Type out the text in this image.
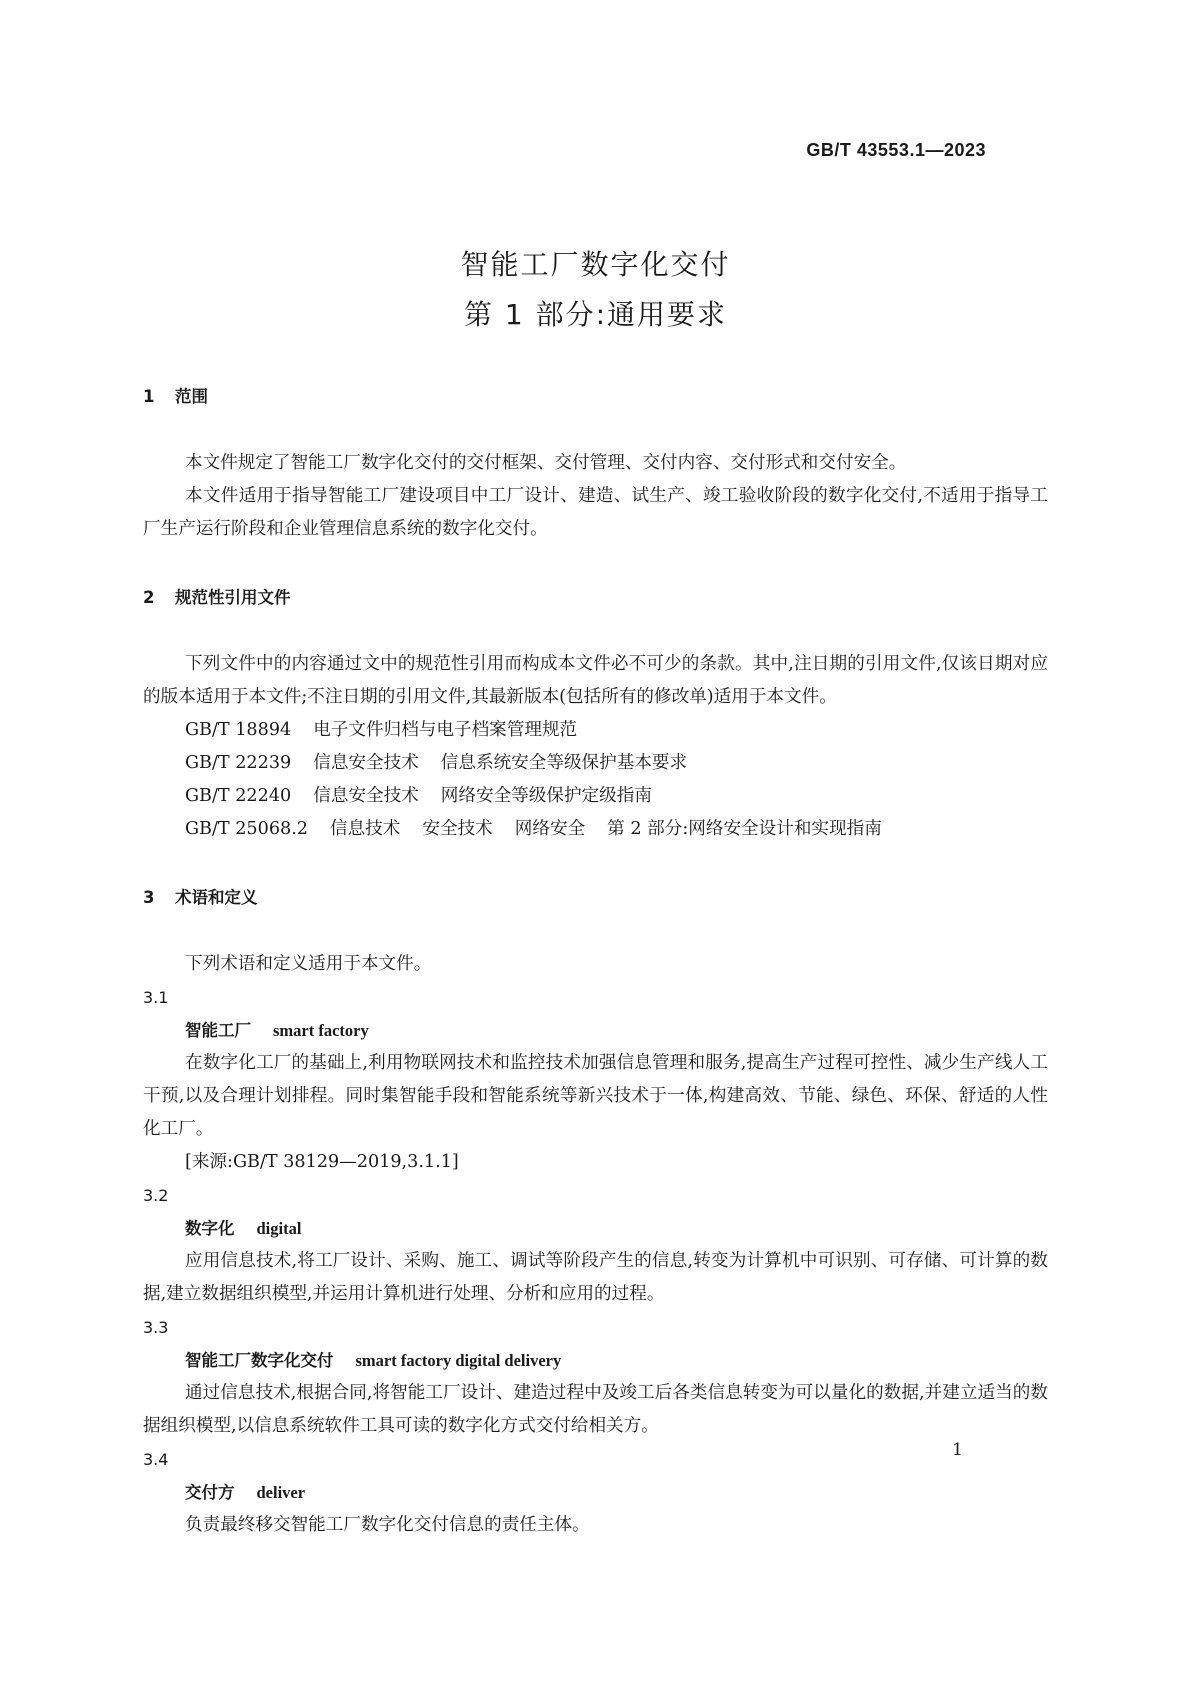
GB/T 43553.1—2023
智能工厂数字化交付
第 1 部分:通用要求
1 范围

本文件规定了智能工厂数字化交付的交付框架、交付管理、交付内容、交付形式和交付安全。

本文件适用于指导智能工厂建设项目中工厂设计、建造、试生产、竣工验收阶段的数字化交付,不适用于指导工厂生产运行阶段和企业管理信息系统的数字化交付。

2 规范性引用文件

下列文件中的内容通过文中的规范性引用而构成本文件必不可少的条款。其中,注日期的引用文件,仅该日期对应的版本适用于本文件;不注日期的引用文件,其最新版本(包括所有的修改单)适用于本文件。

GB/T 18894 电子文件归档与电子档案管理规范

GB/T 22239 信息安全技术 信息系统安全等级保护基本要求

GB/T 22240 信息安全技术 网络安全等级保护定级指南

GB/T 25068.2 信息技术 安全技术 网络安全 第 2 部分:网络安全设计和实现指南

3 术语和定义

下列术语和定义适用于本文件。

3.1

智能工厂 smart factory

在数字化工厂的基础上,利用物联网技术和监控技术加强信息管理和服务,提高生产过程可控性、减少生产线人工干预,以及合理计划排程。同时集智能手段和智能系统等新兴技术于一体,构建高效、节能、绿色、环保、舒适的人性化工厂。

[来源:GB/T 38129—2019,3.1.1]

3.2

数字化 digital

应用信息技术,将工厂设计、采购、施工、调试等阶段产生的信息,转变为计算机中可识别、可存储、可计算的数据,建立数据组织模型,并运用计算机进行处理、分析和应用的过程。

3.3

智能工厂数字化交付 smart factory digital delivery

通过信息技术,根据合同,将智能工厂设计、建造过程中及竣工后各类信息转变为可以量化的数据,并建立适当的数据组织模型,以信息系统软件工具可读的数字化方式交付给相关方。

3.4

交付方 deliver

负责最终移交智能工厂数字化交付信息的责任主体。

1
